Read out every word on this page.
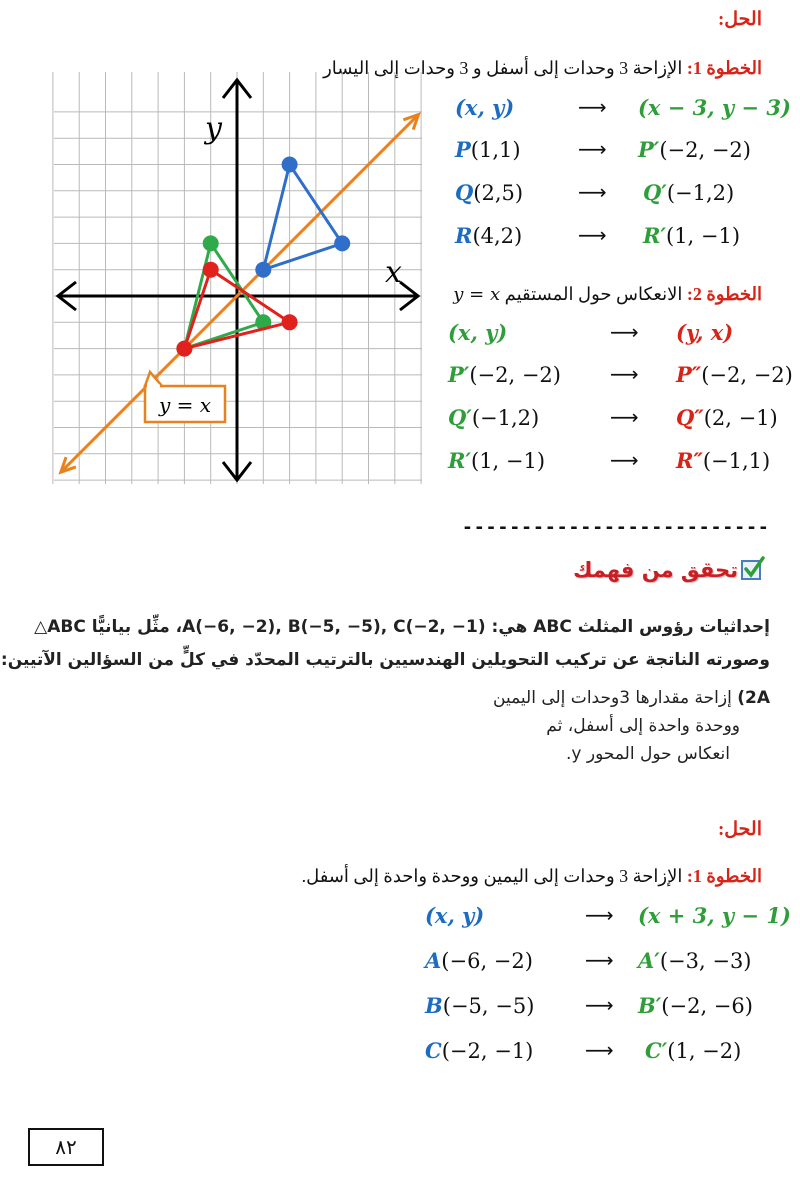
الحل:
الخطوة 1: الإزاحة 3 وحدات إلى أسفل و 3 وحدات إلى اليسار
(x, y)	⟶ (x − 3, y − 3)
P(1,1)	⟶ P′(−2, −2)
Q(2,5)	⟶ Q′(−1,2)
R(4,2)	⟶ R′(1, −1)
الخطوة 2: الانعكاس حول المستقيم y = x
(x, y)	⟶ (y, x)
P′(−2, −2) ⟶ P″(−2, −2)
Q′(−1,2)	⟶ Q″(2, −1)
R′(1, −1)	⟶ R″(−1,1)
y
x
y = x
--------------------------
تحقق من فهمك
إحداثيات رؤوس المثلث ABC هي: A(−6, −2), B(−5, −5), C(−2, −1)، مثِّل بيانيًّا ABC△
وصورته الناتجة عن تركيب التحويلين الهندسيين بالترتيب المحدّد في كلٍّ من السؤالين الآتيين:
2A) إزاحة مقدارها 3وحدات إلى اليمين
ووحدة واحدة إلى أسفل، ثم
انعكاس حول المحور y.
الحل:
الخطوة 1: الإزاحة 3 وحدات إلى اليمين ووحدة واحدة إلى أسفل.
(x, y)	⟶ (x + 3, y − 1)
A(−6, −2)	⟶ A′(−3, −3)
B(−5, −5)	⟶ B′(−2, −6)
C(−2, −1)	⟶ C′(1, −2)
٨٢
